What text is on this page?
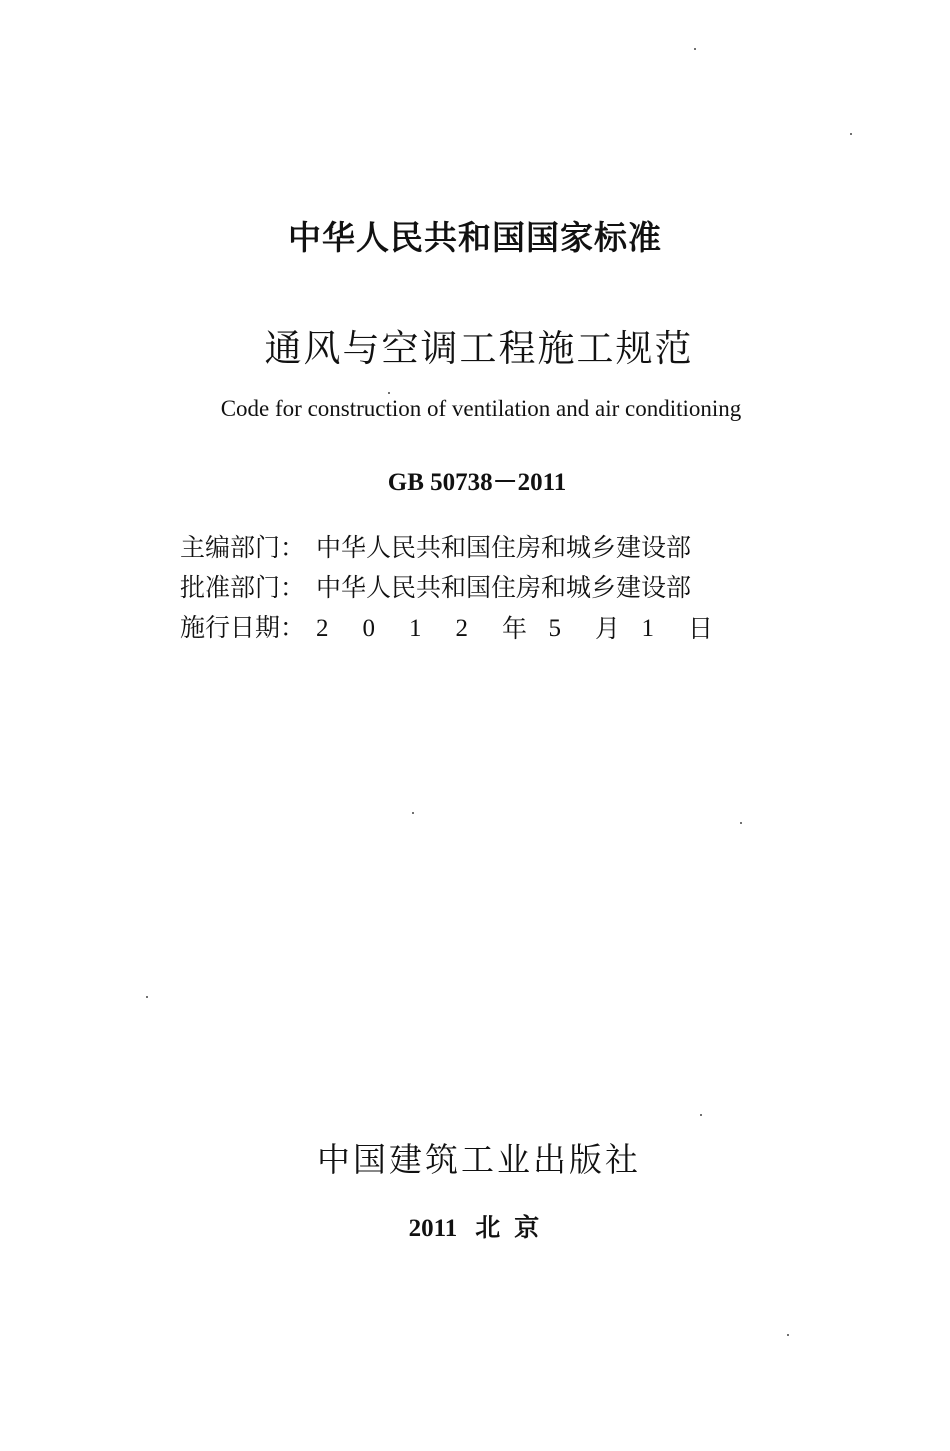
中华人民共和国国家标准
通风与空调工程施工规范
Code for construction of ventilation and air conditioning
GB 50738－2011
主编部门： 中华人民共和国住房和城乡建设部
批准部门： 中华人民共和国住房和城乡建设部
施行日期： 2	0	1	2	年 5	月 1	日
中国建筑工业出版社
2011 北京
